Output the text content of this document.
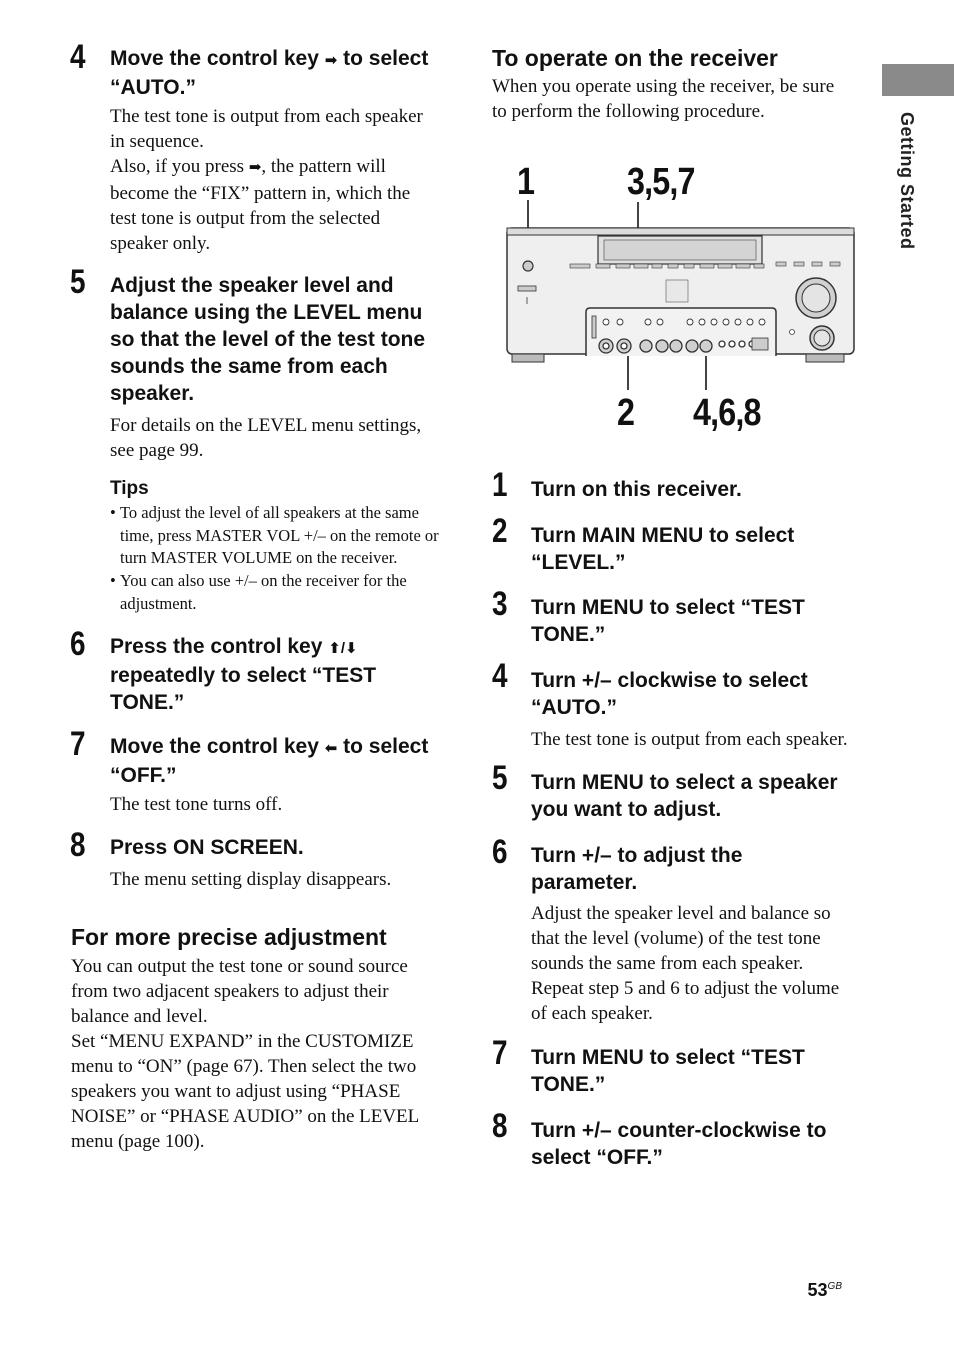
Getting Started
4 Move the control key ➡ to select
“AUTO.”
The test tone is output from each speaker
in sequence.
Also, if you press ➡, the pattern will
become the “FIX” pattern in, which the
test tone is output from the selected
speaker only.
5 Adjust the speaker level and
balance using the LEVEL menu
so that the level of the test tone
sounds the same from each
speaker.
For details on the LEVEL menu settings,
see page 99.
Tips
• To adjust the level of all speakers at the same time, press MASTER VOL +/– on the remote or turn MASTER VOLUME on the receiver.
• You can also use +/– on the receiver for the adjustment.
6 Press the control key ⬆/⬇
repeatedly to select “TEST
TONE.”
7 Move the control key ⬅ to select
“OFF.”
The test tone turns off.
8 Press ON SCREEN.
The menu setting display disappears.
For more precise adjustment
You can output the test tone or sound source
from two adjacent speakers to adjust their
balance and level.
Set “MENU EXPAND” in the CUSTOMIZE
menu to “ON” (page 67). Then select the two
speakers you want to adjust using “PHASE
NOISE” or “PHASE AUDIO” on the LEVEL
menu (page 100).
To operate on the receiver
When you operate using the receiver, be sure
to perform the following procedure.
1 3,5,7
2 4,6,8
1 Turn on this receiver.
2 Turn MAIN MENU to select
“LEVEL.”
3 Turn MENU to select “TEST
TONE.”
4 Turn +/– clockwise to select
“AUTO.”
The test tone is output from each speaker.
5 Turn MENU to select a speaker
you want to adjust.
6 Turn +/– to adjust the
parameter.
Adjust the speaker level and balance so
that the level (volume) of the test tone
sounds the same from each speaker.
Repeat step 5 and 6 to adjust the volume
of each speaker.
7 Turn MENU to select “TEST
TONE.”
8 Turn +/– counter-clockwise to
select “OFF.”
$53^{GB}$
